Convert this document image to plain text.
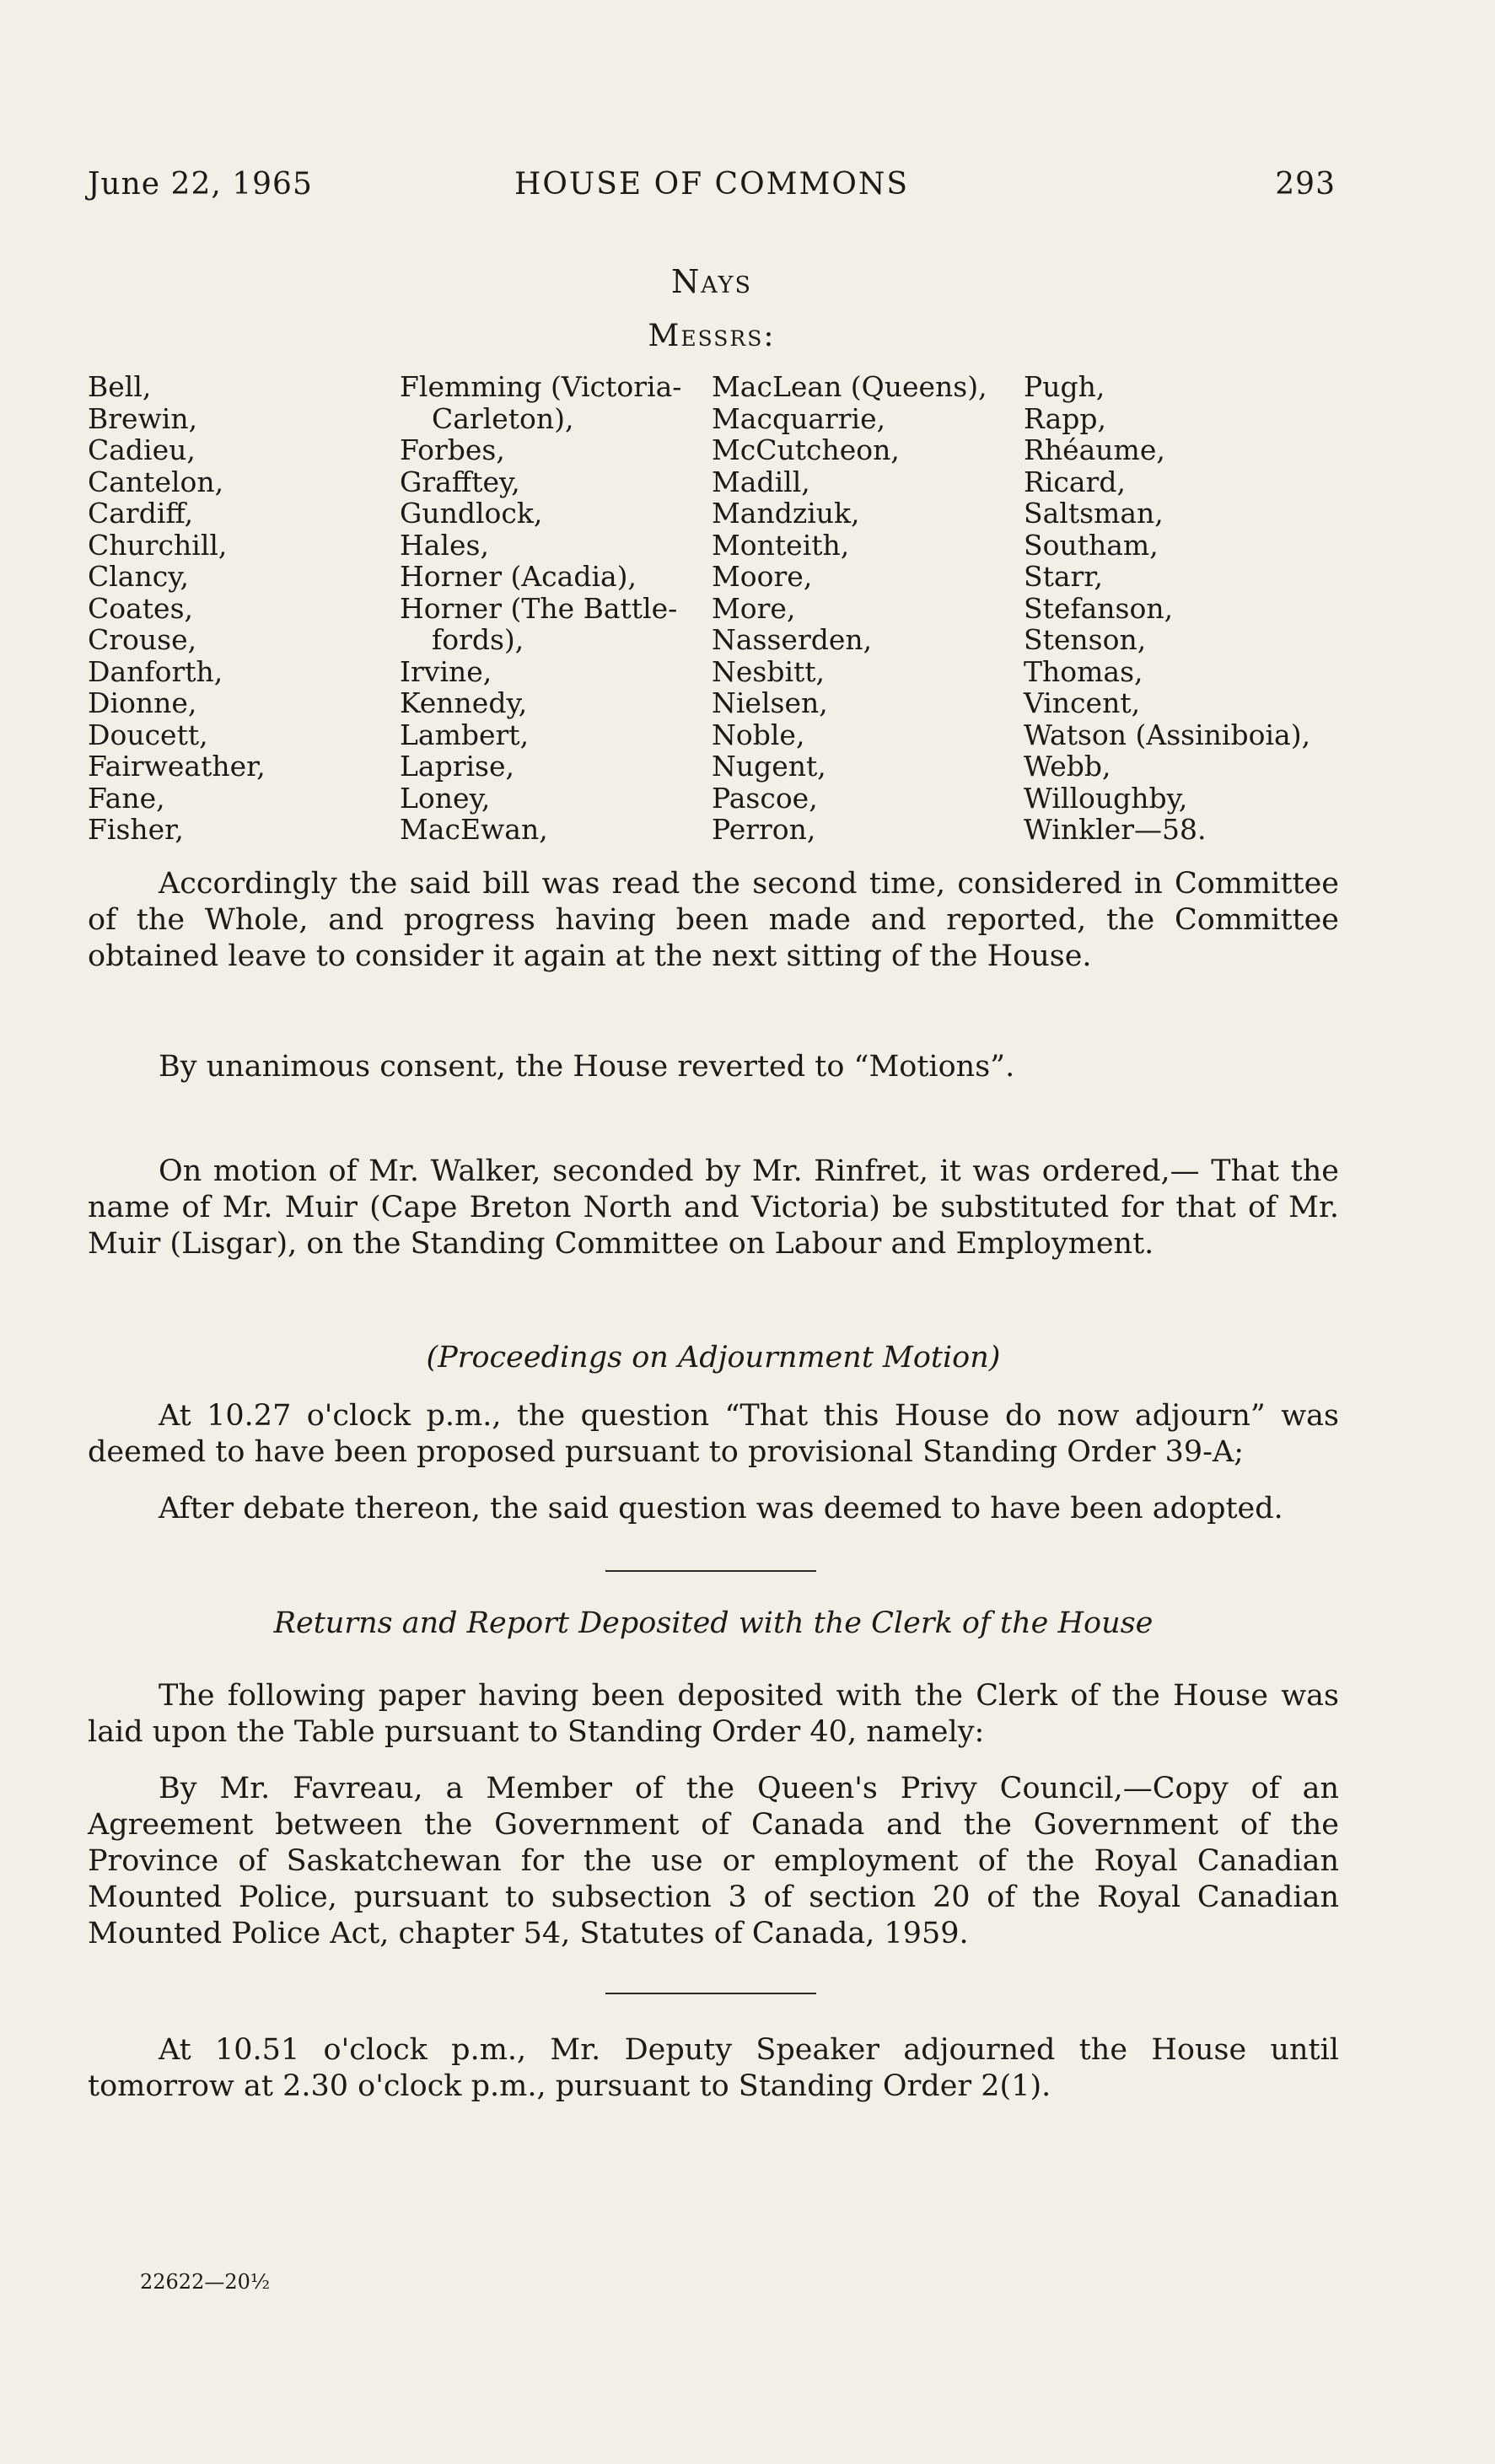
June 22, 1965	HOUSE OF COMMONS	293
Nays
Messrs:
Bell,
Brewin,
Cadieu,
Cantelon,
Cardiff,
Churchill,
Clancy,
Coates,
Crouse,
Danforth,
Dionne,
Doucett,
Fairweather,
Fane,
Fisher,
Flemming (Victoria-
Carleton),
Forbes,
Grafftey,
Gundlock,
Hales,
Horner (Acadia),
Horner (The Battle-
fords),
Irvine,
Kennedy,
Lambert,
Laprise,
Loney,
MacEwan,
MacLean (Queens),
Macquarrie,
McCutcheon,
Madill,
Mandziuk,
Monteith,
Moore,
More,
Nasserden,
Nesbitt,
Nielsen,
Noble,
Nugent,
Pascoe,
Perron,
Pugh,
Rapp,
Rhéaume,
Ricard,
Saltsman,
Southam,
Starr,
Stefanson,
Stenson,
Thomas,
Vincent,
Watson (Assiniboia),
Webb,
Willoughby,
Winkler—58.

Accordingly the said bill was read the second time, considered in Committee of the Whole, and progress having been made and reported, the Committee obtained leave to consider it again at the next sitting of the House.

By unanimous consent, the House reverted to “Motions”.

On motion of Mr. Walker, seconded by Mr. Rinfret, it was ordered,— That the name of Mr. Muir (Cape Breton North and Victoria) be substituted for that of Mr. Muir (Lisgar), on the Standing Committee on Labour and Employment.

(Proceedings on Adjournment Motion)

At 10.27 o'clock p.m., the question “That this House do now adjourn” was deemed to have been proposed pursuant to provisional Standing Order 39-A;

After debate thereon, the said question was deemed to have been adopted.

Returns and Report Deposited with the Clerk of the House

The following paper having been deposited with the Clerk of the House was laid upon the Table pursuant to Standing Order 40, namely:

By Mr. Favreau, a Member of the Queen's Privy Council,—Copy of an Agreement between the Government of Canada and the Government of the Province of Saskatchewan for the use or employment of the Royal Canadian Mounted Police, pursuant to subsection 3 of section 20 of the Royal Canadian Mounted Police Act, chapter 54, Statutes of Canada, 1959.

At 10.51 o'clock p.m., Mr. Deputy Speaker adjourned the House until tomorrow at 2.30 o'clock p.m., pursuant to Standing Order 2(1).

22622—20½
